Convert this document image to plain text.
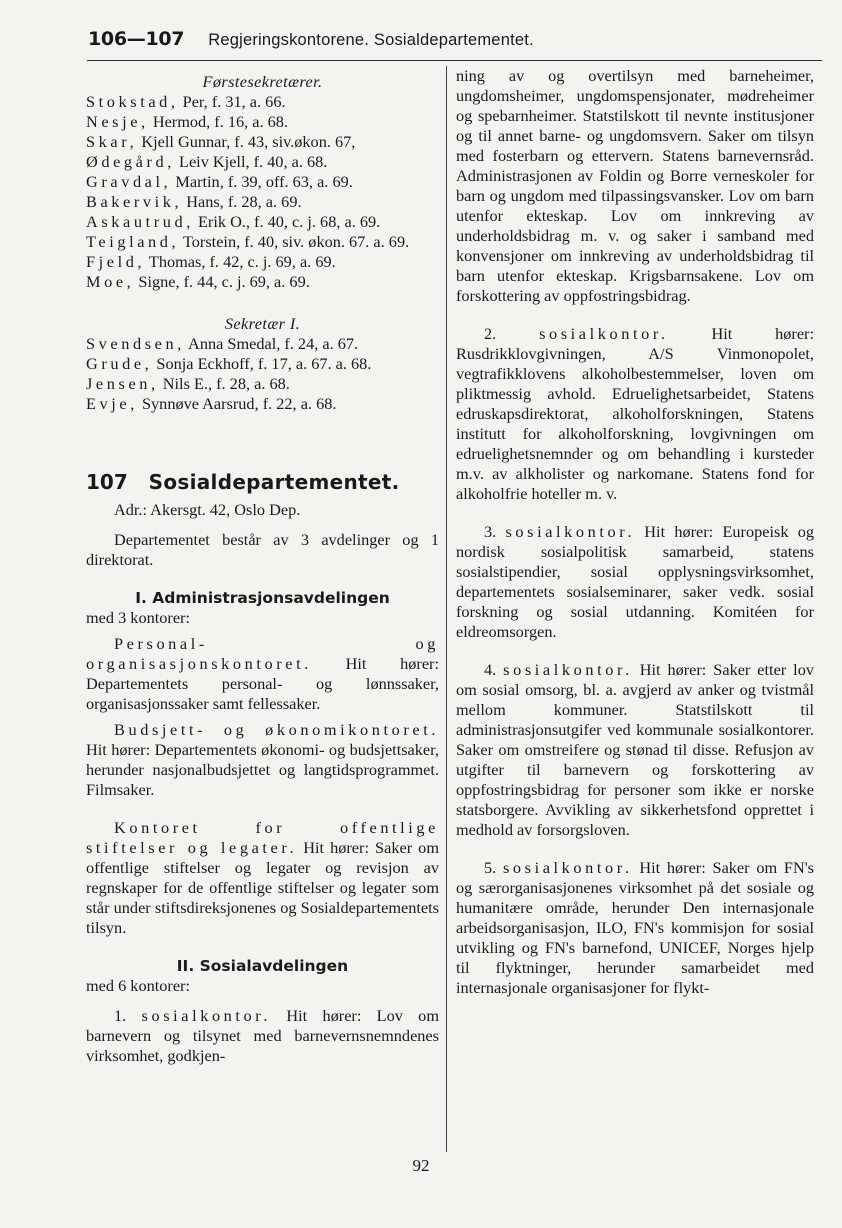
106—107 Regjeringskontorene. Sosialdepartementet.

Førstesekretærer.

Stokstad, Per, f. 31, a. 66.

Nesje, Hermod, f. 16, a. 68.

Skar, Kjell Gunnar, f. 43, siv.økon. 67,

Ødegård, Leiv Kjell, f. 40, a. 68.

Gravdal, Martin, f. 39, off. 63, a. 69.

Bakervik, Hans, f. 28, a. 69.

Askautrud, Erik O., f. 40, c. j. 68, a. 69.

Teigland, Torstein, f. 40, siv. økon. 67. a. 69.

Fjeld, Thomas, f. 42, c. j. 69, a. 69.

Moe, Signe, f. 44, c. j. 69, a. 69.

Sekretær I.

Svendsen, Anna Smedal, f. 24, a. 67.

Grude, Sonja Eckhoff, f. 17, a. 67. a. 68.

Jensen, Nils E., f. 28, a. 68.

Evje, Synnøve Aarsrud, f. 22, a. 68.

107 Sosialdepartementet.

Adr.: Akersgt. 42, Oslo Dep.

Departementet består av 3 avdelinger og 1 direktorat.

I. Administrasjonsavdelingen

med 3 kontorer:

Personal- og organisasjonskontoret. Hit hører: Departementets personal- og lønnssaker, organisasjonssaker samt fellessaker.

Budsjett- og økonomikontoret. Hit hører: Departementets økonomi- og budsjettsaker, herunder nasjonalbudsjettet og langtidsprogrammet. Filmsaker.

Kontoret for offentlige stiftelser og legater. Hit hører: Saker om offentlige stiftelser og legater og revisjon av regnskaper for de offentlige stiftelser og legater som står under stiftsdireksjonenes og Sosialdepartementets tilsyn.

II. Sosialavdelingen

med 6 kontorer:

1. sosialkontor. Hit hører: Lov om barnevern og tilsynet med barnevernsnemndenes virksomhet, godkjen-

ning av og overtilsyn med barneheimer, ungdomsheimer, ungdomspensjonater, mødreheimer og spebarnheimer. Statstilskott til nevnte institusjoner og til annet barne- og ungdomsvern. Saker om tilsyn med fosterbarn og ettervern. Statens barnevernsråd. Administrasjonen av Foldin og Borre verneskoler for barn og ungdom med tilpassingsvansker. Lov om barn utenfor ekteskap. Lov om innkreving av underholdsbidrag m. v. og saker i samband med konvensjoner om innkreving av underholdsbidrag til barn utenfor ekteskap. Krigsbarnsakene. Lov om forskottering av oppfostringsbidrag.

2.	sosialkontor. Hit hører: Rusdrikklovgivningen, A/S Vinmonopolet, vegtrafikklovens alkoholbestemmelser, loven om pliktmessig avhold. Edruelighetsarbeidet, Statens edruskapsdirektorat, alkoholforskningen, Statens institutt for alkoholforskning, lovgivningen om edruelighetsnemnder og om behandling i kursteder m.v. av alkholister og narkomane. Statens fond for alkoholfrie hoteller m. v.

3. sosialkontor. Hit hører: Europeisk og nordisk sosialpolitisk samarbeid, statens sosialstipendier, sosial opplysningsvirksomhet, departementets sosialseminarer, saker vedk. sosial forskning og sosial utdanning. Komitéen for eldreomsorgen.

4. sosialkontor. Hit hører: Saker etter lov om sosial omsorg, bl. a. avgjerd av anker og tvistmål mellom kommuner. Statstilskott til administrasjonsutgifer ved kommunale sosialkontorer. Saker om omstreifere og stønad til disse. Refusjon av utgifter til barnevern og forskottering av oppfostringsbidrag for personer som ikke er norske statsborgere. Avvikling av sikkerhetsfond opprettet i medhold av forsorgsloven.

5. sosialkontor. Hit hører: Saker om FN's og særorganisasjonenes virksomhet på det sosiale og humanitære område, herunder Den internasjonale arbeidsorganisasjon, ILO, FN's kommisjon for sosial utvikling og FN's barnefond, UNICEF, Norges hjelp til flyktninger, herunder samarbeidet med internasjonale organisasjoner for flykt-

92
